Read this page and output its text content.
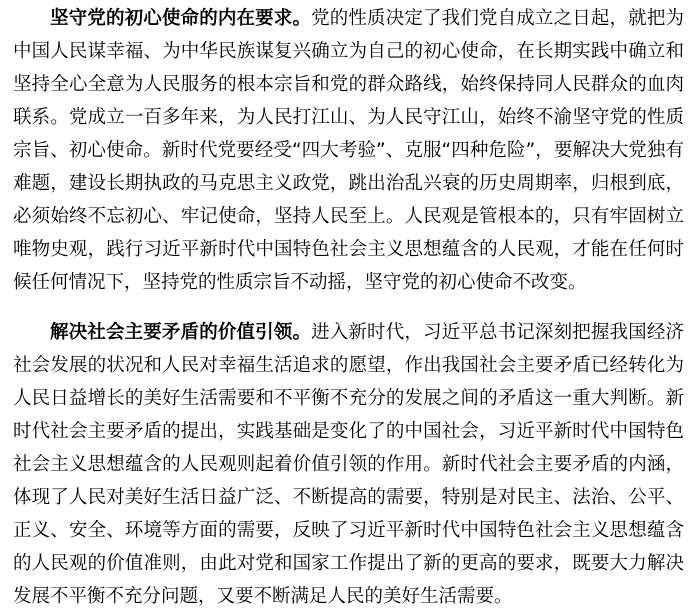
坚守党的初心使命的内在要求。党的性质决定了我们党自成立之日起，就把为中国人民谋幸福、为中华民族谋复兴确立为自己的初心使命，在长期实践中确立和坚持全心全意为人民服务的根本宗旨和党的群众路线，始终保持同人民群众的血肉联系。党成立一百多年来，为人民打江山、为人民守江山，始终不渝坚守党的性质宗旨、初心使命。新时代党要经受“四大考验”、克服“四种危险”，要解决大党独有难题，建设长期执政的马克思主义政党，跳出治乱兴衰的历史周期率，归根到底，必须始终不忘初心、牢记使命，坚持人民至上。人民观是管根本的，只有牢固树立唯物史观，践行习近平新时代中国特色社会主义思想蕴含的人民观，才能在任何时候任何情况下，坚持党的性质宗旨不动摇，坚守党的初心使命不改变。

解决社会主要矛盾的价值引领。进入新时代，习近平总书记深刻把握我国经济社会发展的状况和人民对幸福生活追求的愿望，作出我国社会主要矛盾已经转化为人民日益增长的美好生活需要和不平衡不充分的发展之间的矛盾这一重大判断。新时代社会主要矛盾的提出，实践基础是变化了的中国社会，习近平新时代中国特色社会主义思想蕴含的人民观则起着价值引领的作用。新时代社会主要矛盾的内涵，体现了人民对美好生活日益广泛、不断提高的需要，特别是对民主、法治、公平、正义、安全、环境等方面的需要，反映了习近平新时代中国特色社会主义思想蕴含的人民观的价值准则，由此对党和国家工作提出了新的更高的要求，既要大力解决发展不平衡不充分问题，又要不断满足人民的美好生活需要。
